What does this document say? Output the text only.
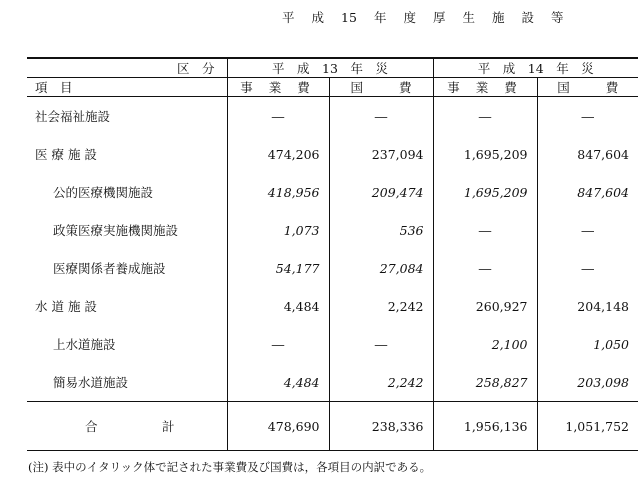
平 成 15 年 度 厚 生 施 設 等
区　分	平　成　13　年　災		平　成　14　年　災	
項　目	事 業 費	国 費	事 業 費	国 費

社会福祉施設	―	―	―	―
医 療 施 設	474,206	237,094	1,695,209	847,604
公的医療機関施設	418,956	209,474	1,695,209	847,604
政策医療実施機関施設	1,073	536	―	―
医療関係者養成施設	54,177	27,084	―	―
水 道 施 設	4,484	2,242	260,927	204,148
上水道施設	―	―	2,100	1,050
簡易水道施設	4,484	2,242	258,827	203,098

合 計	478,690	238,336	1,956,136	1,051,752
(注) 表中のイタリック体で記された事業費及び国費は，各項目の内訳である。
